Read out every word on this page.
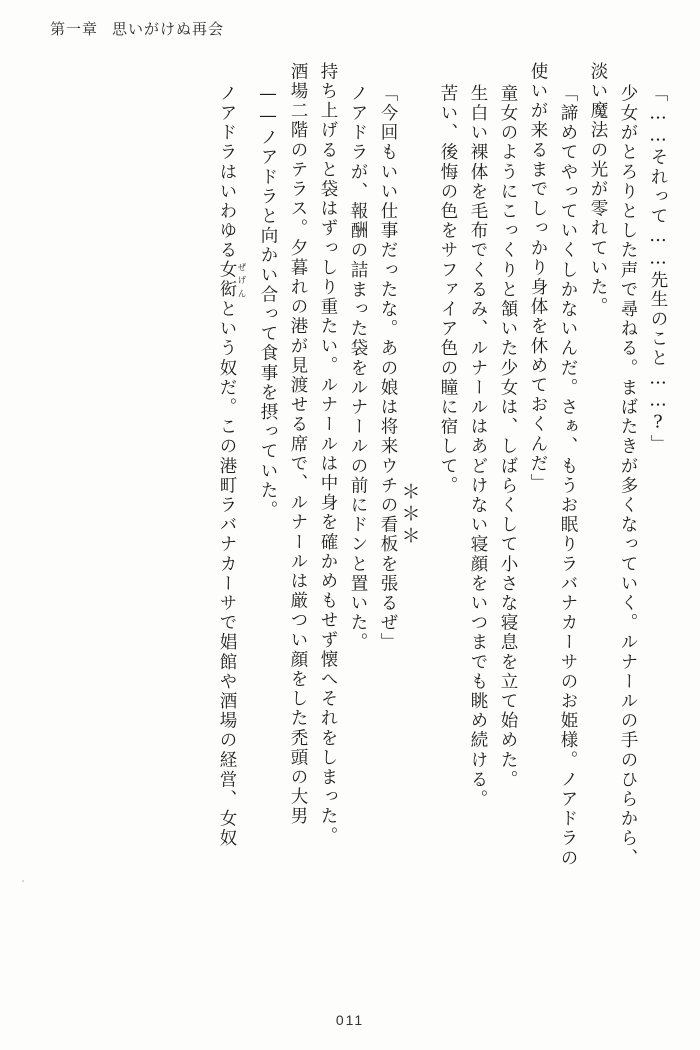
第一章 思いがけぬ再会
「……それって……先生のこと……?」
少女がとろりとした声で尋ねる。まばたきが多くなっていく。ルナールの手のひらから、
淡い魔法の光が零れていた。
「諦めてやっていくしかないんだ。さぁ、もうお眠りラバナカーサのお姫様。ノアドラの
使いが来るまでしっかり身体を休めておくんだ」
童女のようにこっくりと頷いた少女は、しばらくして小さな寝息を立て始めた。
生白い裸体を毛布でくるみ、ルナールはあどけない寝顔をいつまでも眺め続ける。
苦い、後悔の色をサファイア色の瞳に宿して。
＊
＊
＊
「今回もいい仕事だったな。あの娘は将来ウチの看板を張るぜ」
ノアドラが、報酬の詰まった袋をルナールの前にドンと置いた。
持ち上げると袋はずっしり重たい。ルナールは中身を確かめもせず懐へそれをしまった。
酒場二階のテラス。夕暮れの港が見渡せる席で、ルナールは厳つい顔をした禿頭の大男
——ノアドラと向かい合って食事を摂っていた。
ノアドラはいわゆる女衒 ぜげんという奴だ。この港町ラバナカーサで娼館や酒場の経営、女奴
011
